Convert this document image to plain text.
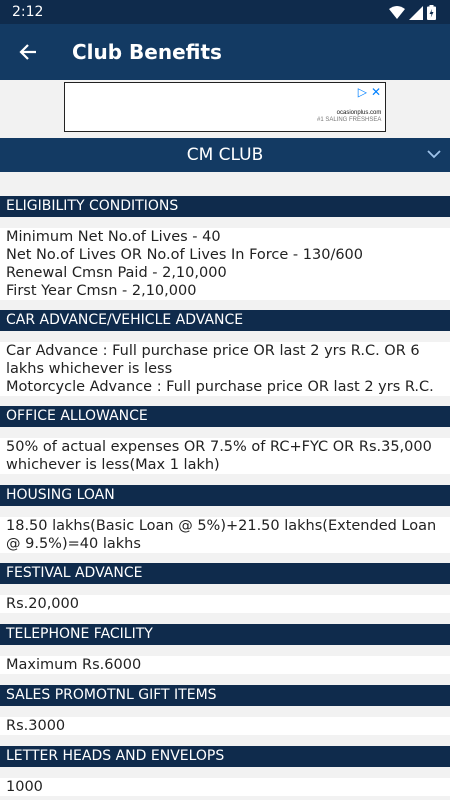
2:12
Club Benefits
▷ ✕
ocasionplus.com
#1 SALING FRESHSEA
CM CLUB
ELIGIBILITY CONDITIONS
Minimum Net No.of Lives - 40
Net No.of Lives OR No.of Lives In Force - 130/600
Renewal Cmsn Paid - 2,10,000
First Year Cmsn - 2,10,000
CAR ADVANCE/VEHICLE ADVANCE
Car Advance : Full purchase price OR last 2 yrs R.C. OR 6 lakhs whichever is less
Motorcycle Advance : Full purchase price OR last 2 yrs R.C.
OFFICE ALLOWANCE
50% of actual expenses OR 7.5% of RC+FYC OR Rs.35,000 whichever is less(Max 1 lakh)
HOUSING LOAN
18.50 lakhs(Basic Loan @ 5%)+21.50 lakhs(Extended Loan @ 9.5%)=40 lakhs
FESTIVAL ADVANCE
Rs.20,000
TELEPHONE FACILITY
Maximum Rs.6000
SALES PROMOTNL GIFT ITEMS
Rs.3000
LETTER HEADS AND ENVELOPS
1000
